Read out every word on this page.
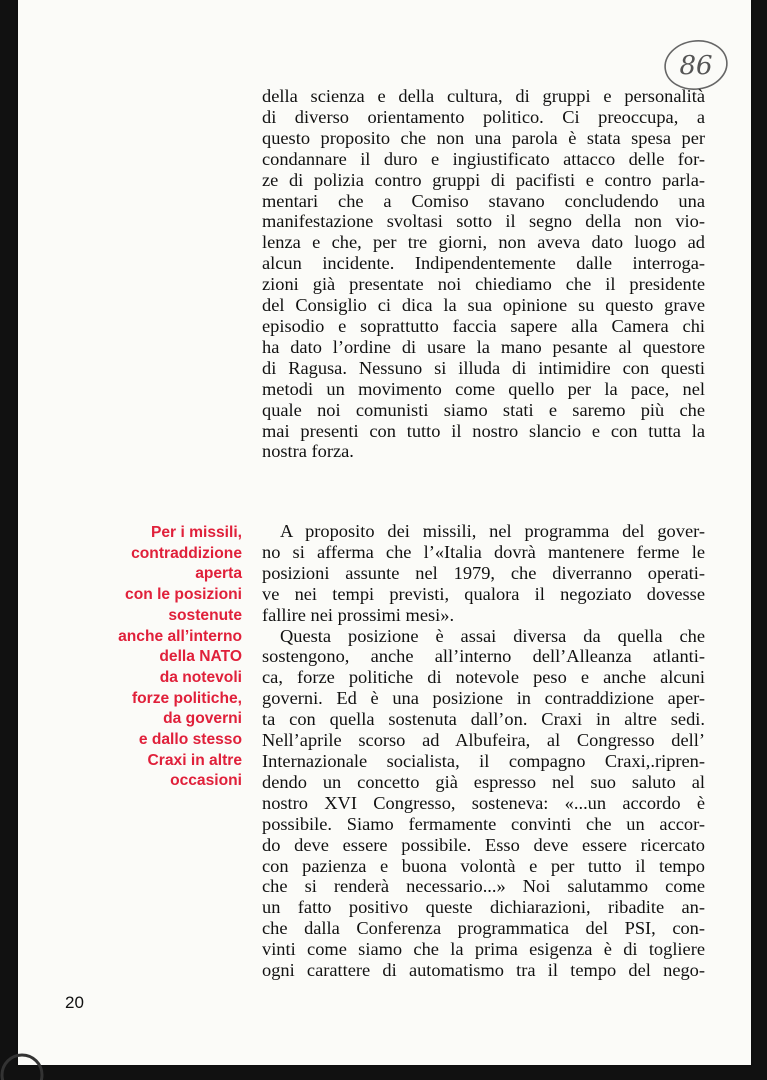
86
della scienza e della cultura, di gruppi e personalità
di diverso orientamento politico. Ci preoccupa, a
questo proposito che non una parola è stata spesa per
condannare il duro e ingiustificato attacco delle for-
ze di polizia contro gruppi di pacifisti e contro parla-
mentari che a Comiso stavano concludendo una
manifestazione svoltasi sotto il segno della non vio-
lenza e che, per tre giorni, non aveva dato luogo ad
alcun incidente. Indipendentemente dalle interroga-
zioni già presentate noi chiediamo che il presidente
del Consiglio ci dica la sua opinione su questo grave
episodio e soprattutto faccia sapere alla Camera chi
ha dato l’ordine di usare la mano pesante al questore
di Ragusa. Nessuno si illuda di intimidire con questi
metodi un movimento come quello per la pace, nel
quale noi comunisti siamo stati e saremo più che
mai presenti con tutto il nostro slancio e con tutta la
nostra forza.
Per i missili,
contraddizione
aperta
con le posizioni
sostenute
anche all’interno
della NATO
da notevoli
forze politiche,
da governi
e dallo stesso
Craxi in altre
occasioni
A proposito dei missili, nel programma del gover-
no si afferma che l’«Italia dovrà mantenere ferme le
posizioni assunte nel 1979, che diverranno operati-
ve nei tempi previsti, qualora il negoziato dovesse
fallire nei prossimi mesi».
Questa posizione è assai diversa da quella che
sostengono, anche all’interno dell’Alleanza atlanti-
ca, forze politiche di notevole peso e anche alcuni
governi. Ed è una posizione in contraddizione aper-
ta con quella sostenuta dall’on. Craxi in altre sedi.
Nell’aprile scorso ad Albufeira, al Congresso dell’
Internazionale socialista, il compagno Craxi,.ripren-
dendo un concetto già espresso nel suo saluto al
nostro XVI Congresso, sosteneva: «...un accordo è
possibile. Siamo fermamente convinti che un accor-
do deve essere possibile. Esso deve essere ricercato
con pazienza e buona volontà e per tutto il tempo
che si renderà necessario...» Noi salutammo come
un fatto positivo queste dichiarazioni, ribadite an-
che dalla Conferenza programmatica del PSI, con-
vinti come siamo che la prima esigenza è di togliere
ogni carattere di automatismo tra il tempo del nego-
20
